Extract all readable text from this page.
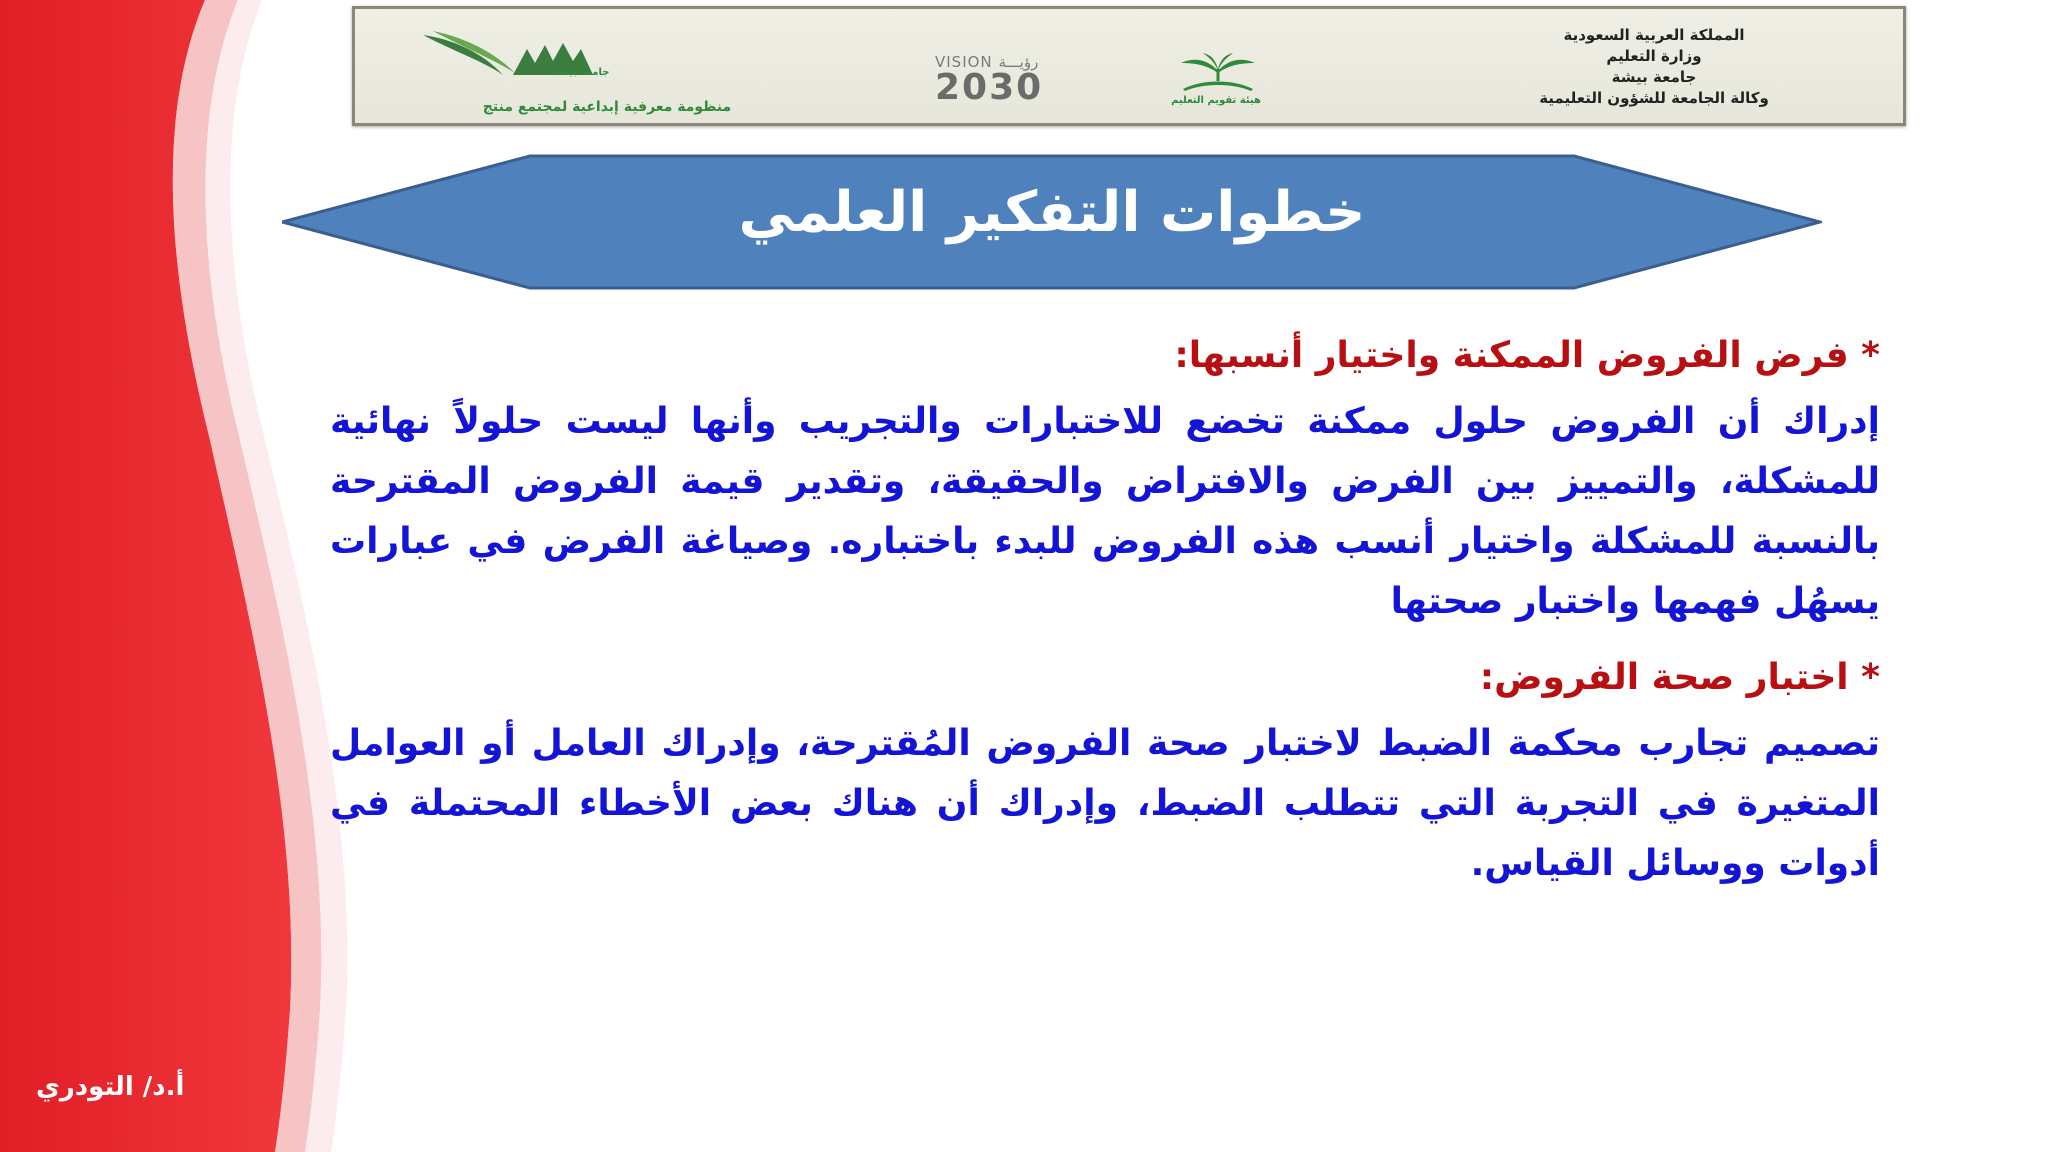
المملكة العربية السعودية
وزارة التعليم
جامعة بيشة
وكالة الجامعة للشؤون التعليمية
هيئة تقويم التعليم
VISION رؤيـــة
2030
جامعة بيشة
منظومة معرفية إبداعية لمجتمع منتج
خطوات التفكير العلمي
* فرض الفروض الممكنة واختيار أنسبها:
إدراك أن الفروض حلول ممكنة تخضع للاختبارات والتجريب وأنها ليست حلولاً نهائية للمشكلة، والتمييز بين الفرض والافتراض والحقيقة، وتقدير قيمة الفروض المقترحة بالنسبة للمشكلة واختيار أنسب هذه الفروض للبدء باختباره. وصياغة الفرض في عبارات يسهُل فهمها واختبار صحتها
* اختبار صحة الفروض:
تصميم تجارب محكمة الضبط لاختبار صحة الفروض المُقترحة، وإدراك العامل أو العوامل المتغيرة في التجربة التي تتطلب الضبط، وإدراك أن هناك بعض الأخطاء المحتملة في أدوات ووسائل القياس.
أ.د/ التودري
